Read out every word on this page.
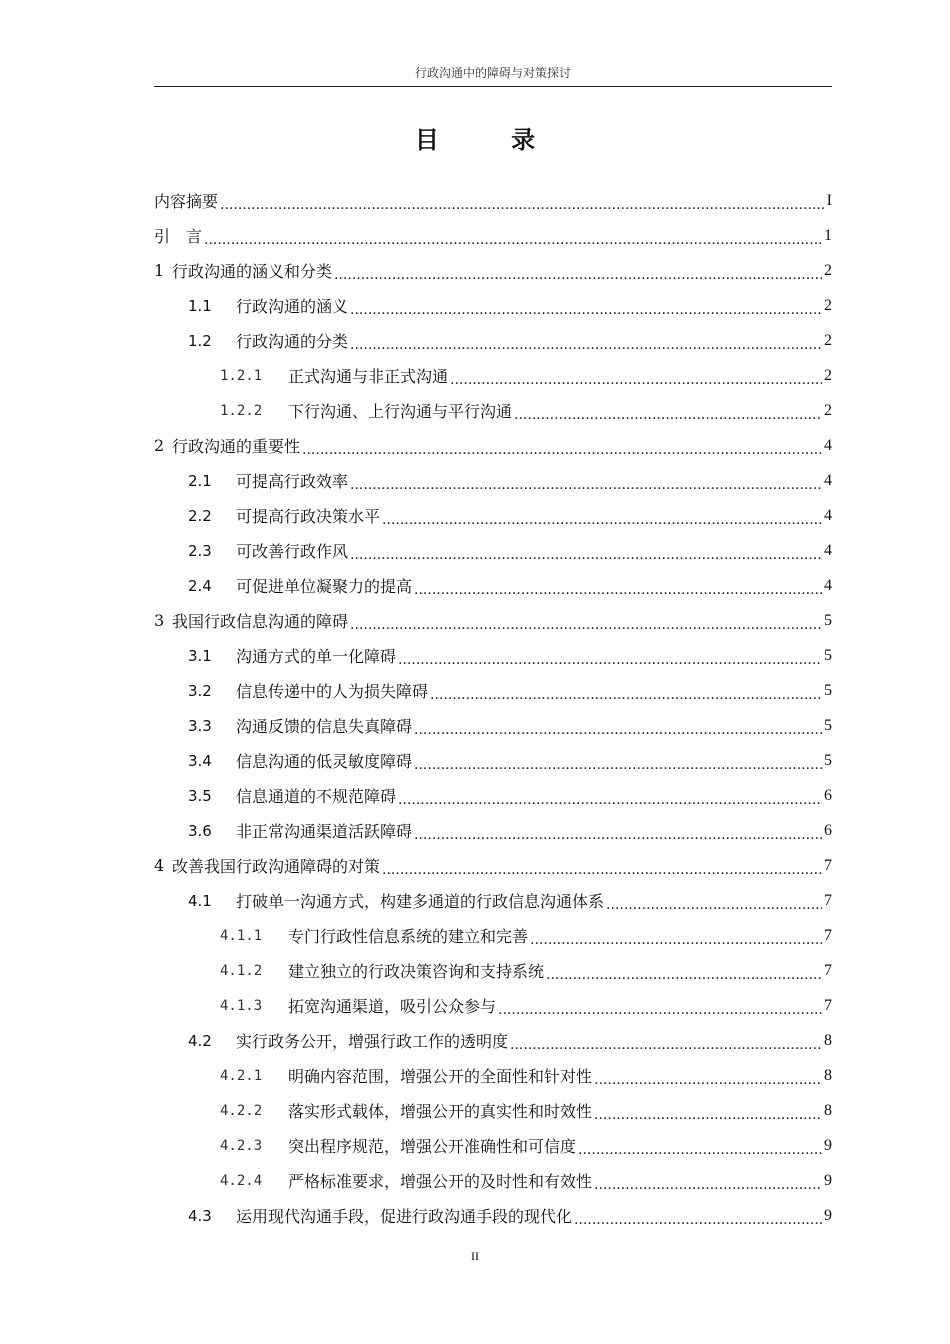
行政沟通中的障碍与对策探讨
目 录
内容摘要 .....	I
引　言 .....	1
1 行政沟通的涵义和分类 .....	2
1.1	行政沟通的涵义 .....	2
1.2	行政沟通的分类 .....	2
1.2.1	正式沟通与非正式沟通 .....	2
1.2.2	下行沟通、上行沟通与平行沟通 .....	2
2 行政沟通的重要性 .....	4
2.1	可提高行政效率 .....	4
2.2	可提高行政决策水平 .....	4
2.3	可改善行政作风 .....	4
2.4	可促进单位凝聚力的提高 .....	4
3 我国行政信息沟通的障碍 .....	5
3.1	沟通方式的单一化障碍 .....	5
3.2	信息传递中的人为损失障碍 .....	5
3.3	沟通反馈的信息失真障碍 .....	5
3.4	信息沟通的低灵敏度障碍 .....	5
3.5	信息通道的不规范障碍 .....	6
3.6	非正常沟通渠道活跃障碍 .....	6
4 改善我国行政沟通障碍的对策 .....	7
4.1	打破单一沟通方式，构建多通道的行政信息沟通体系 .....	7
4.1.1	专门行政性信息系统的建立和完善 .....	7
4.1.2	建立独立的行政决策咨询和支持系统 .....	7
4.1.3	拓宽沟通渠道，吸引公众参与 .....	7
4.2	实行政务公开，增强行政工作的透明度 .....	8
4.2.1	明确内容范围，增强公开的全面性和针对性 .....	8
4.2.2	落实形式载体，增强公开的真实性和时效性 .....	8
4.2.3	突出程序规范，增强公开准确性和可信度 .....	9
4.2.4	严格标准要求，增强公开的及时性和有效性 .....	9
4.3	运用现代沟通手段，促进行政沟通手段的现代化 .....	9
II
